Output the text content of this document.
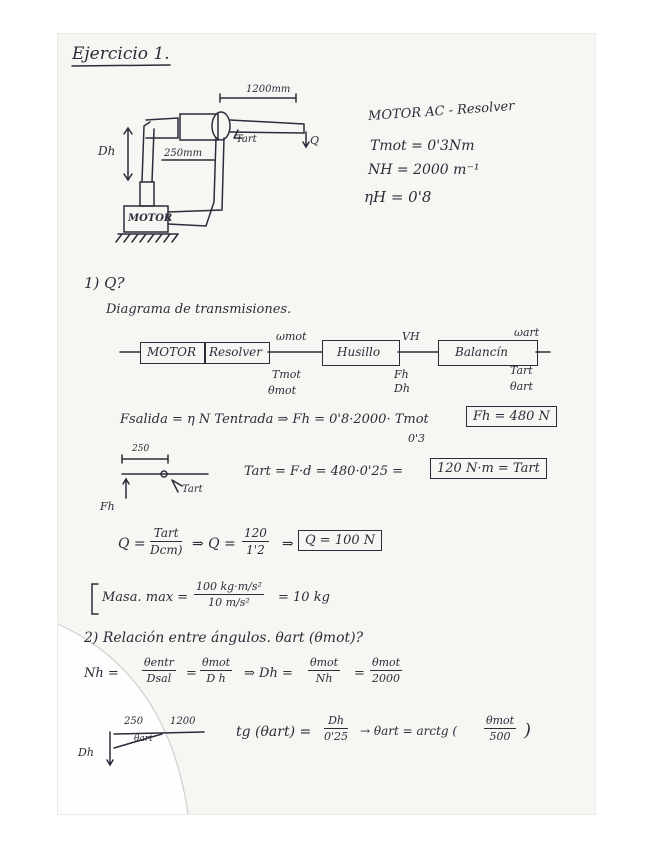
Ejercicio 1.
1200mm
250mm
Dh
MOTOR
Tart	Q
MOTOR AC - Resolver
Tmot = 0'3Nm
NH = 2000 m⁻¹
ηH = 0'8
1) Q?
Diagrama de transmisiones.
MOTOR Resolver	Husillo	Balancín
ωmot	VH	ωart
Tmot
θmot
Fh
Dh
Tart
θart
Fsalida = η N Tentrada ⇒ Fh = 0'8·2000· Tmot
0'3
Fh = 480 N
250
Fh
Tart
Tart = F·d = 480·0'25 =	120 N·m = Tart
Q =
Tart
Dcm) ⇒ $Q = \frac{120}{1'2}$ ⇒ Q = 100 N
Masa. $\max = \frac{\text{100 kg·m/s²}}{\text{10 m/s²}} = 10$ kg
2) Relación entre ángulos. θart (θmot)?
Nh =
θentr
Dsal	=
θmot
D h	⇒ Dh =
θmot
Nh	=
θmot
2000
250	1200
θart
Dh
tg $(\theta art) = \frac{Dh}{0'25} \to \theta art$ = arctg (
θmot
500 )
